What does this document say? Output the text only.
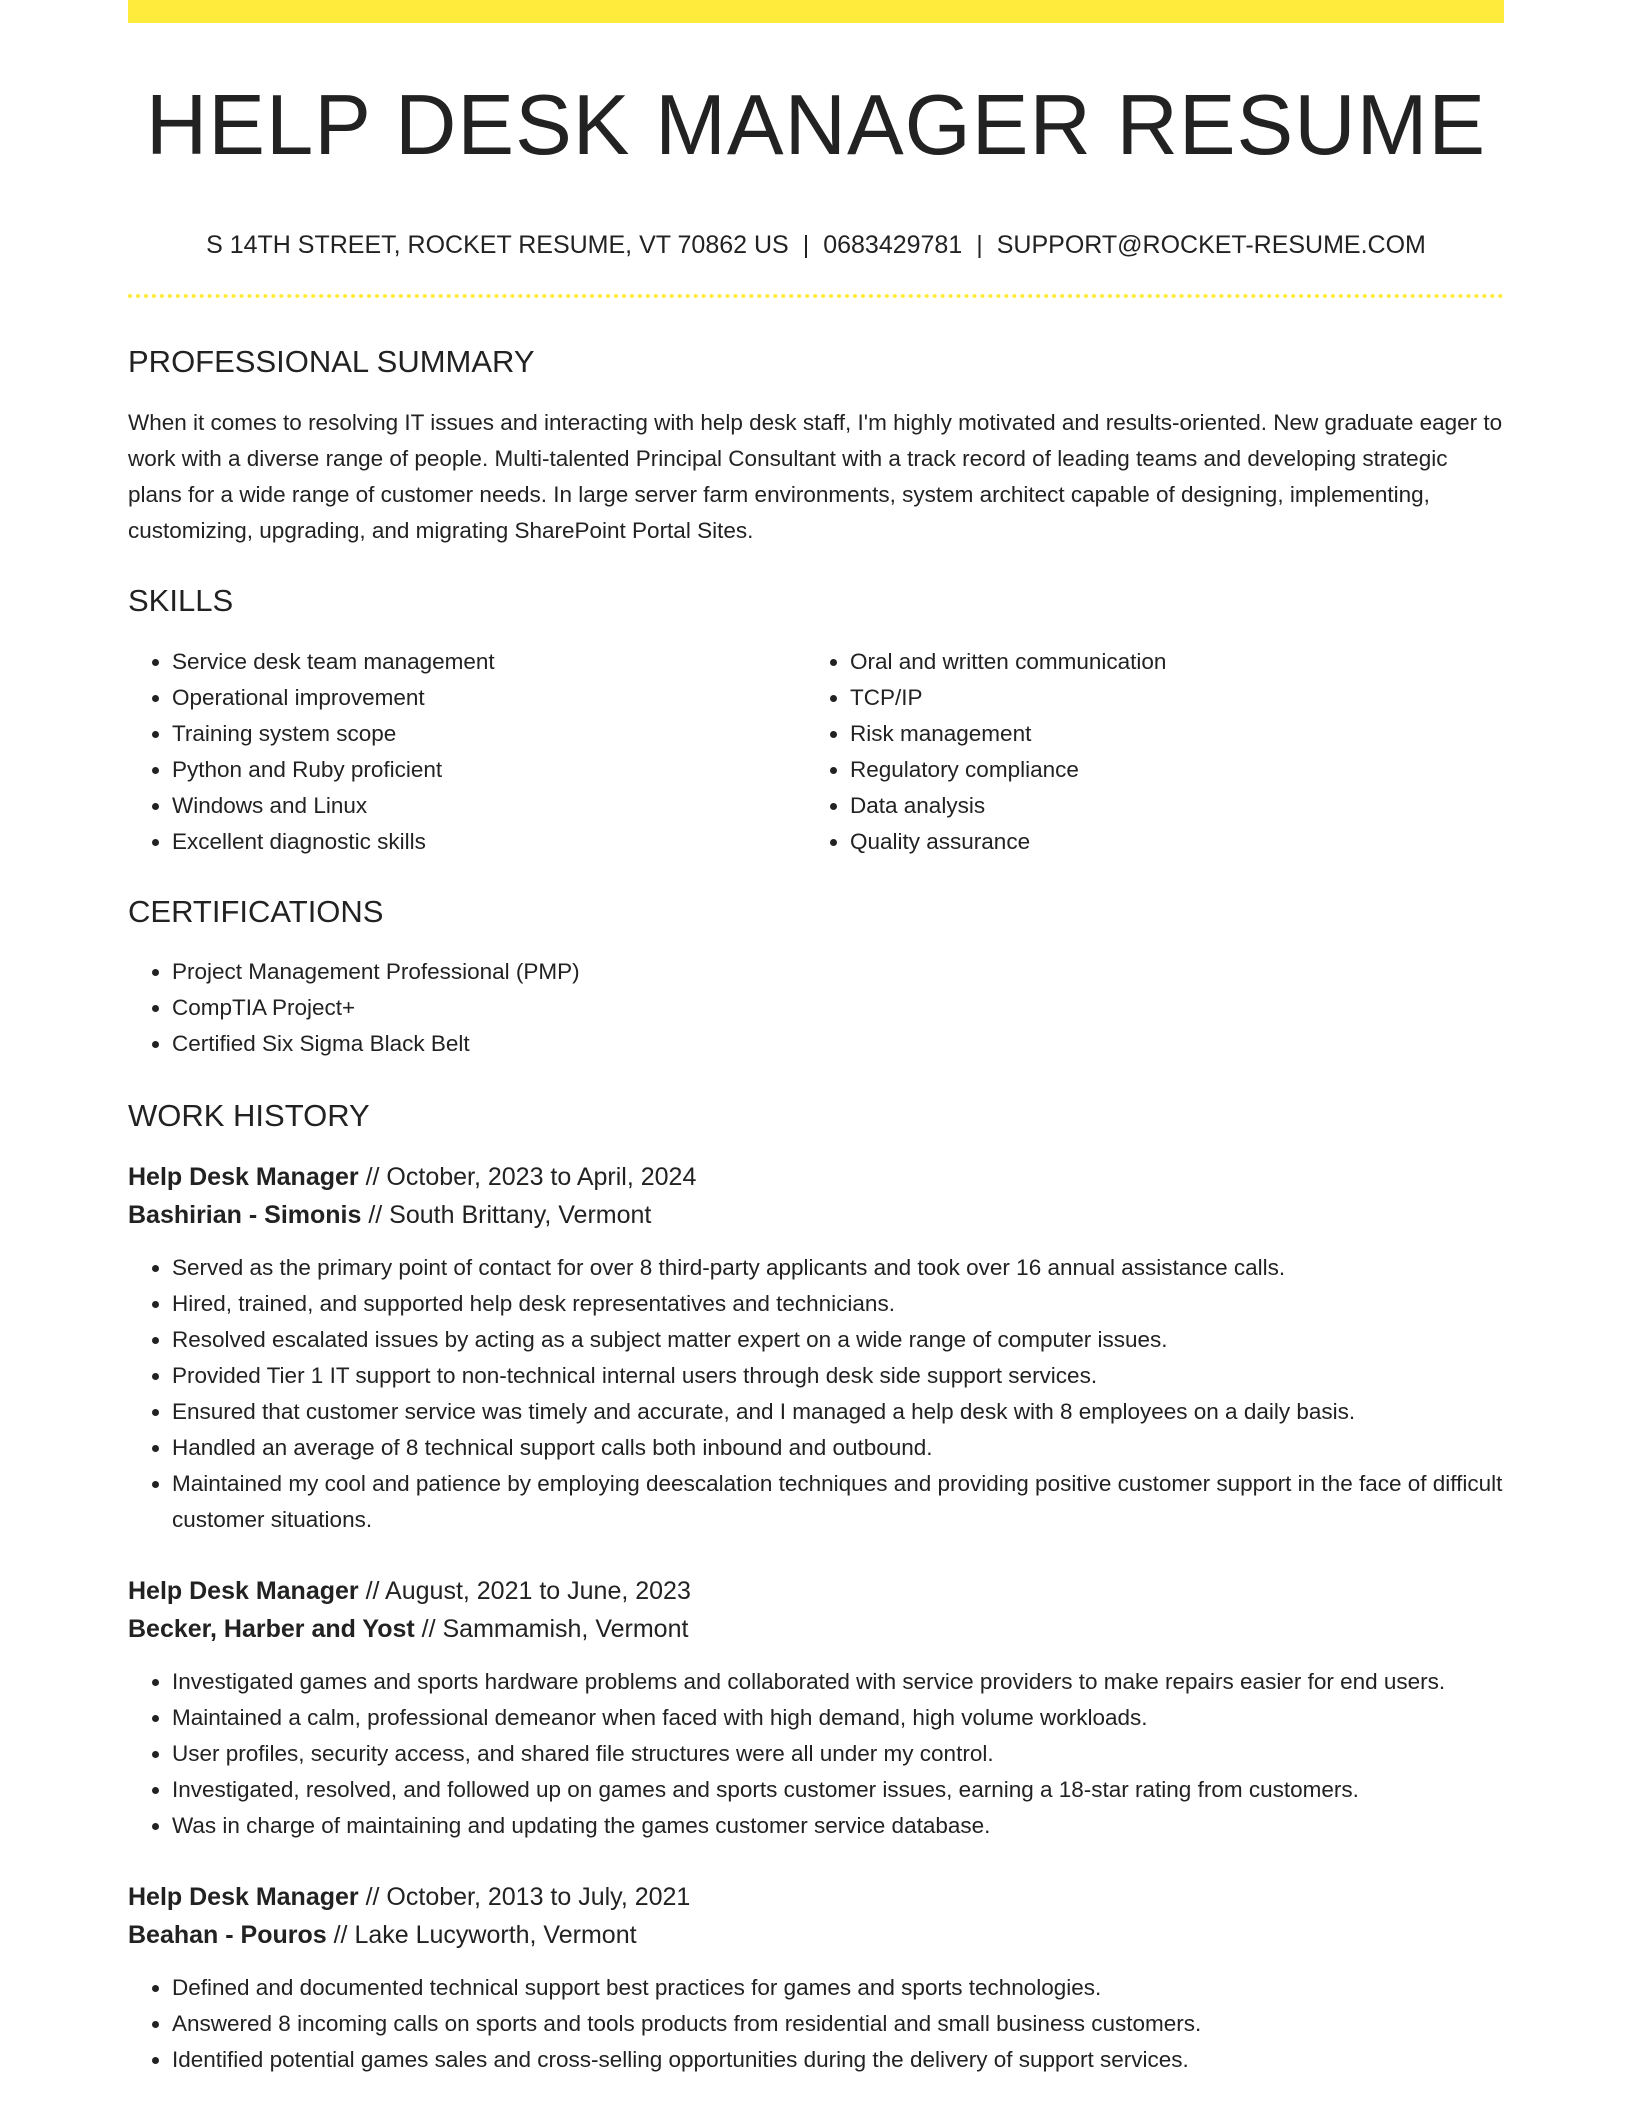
HELP DESK MANAGER RESUME
S 14TH STREET, ROCKET RESUME, VT 70862 US | 0683429781 | SUPPORT@ROCKET-RESUME.COM
PROFESSIONAL SUMMARY

When it comes to resolving IT issues and interacting with help desk staff, I'm highly motivated and results-oriented. New graduate eager to work with a diverse range of people. Multi-talented Principal Consultant with a track record of leading teams and developing strategic plans for a wide range of customer needs. In large server farm environments, system architect capable of designing, implementing, customizing, upgrading, and migrating SharePoint Portal Sites.

SKILLS
• Service desk team management
• Operational improvement
• Training system scope
• Python and Ruby proficient
• Windows and Linux
• Excellent diagnostic skills
• Oral and written communication
• TCP/IP
• Risk management
• Regulatory compliance
• Data analysis
• Quality assurance
CERTIFICATIONS
• Project Management Professional (PMP)
• CompTIA Project+
• Certified Six Sigma Black Belt
WORK HISTORY
Help Desk Manager // October, 2023 to April, 2024
Bashirian - Simonis // South Brittany, Vermont
• Served as the primary point of contact for over 8 third-party applicants and took over 16 annual assistance calls.
• Hired, trained, and supported help desk representatives and technicians.
• Resolved escalated issues by acting as a subject matter expert on a wide range of computer issues.
• Provided Tier 1 IT support to non-technical internal users through desk side support services.
• Ensured that customer service was timely and accurate, and I managed a help desk with 8 employees on a daily basis.
• Handled an average of 8 technical support calls both inbound and outbound.
• Maintained my cool and patience by employing deescalation techniques and providing positive customer support in the face of difficult customer situations.
Help Desk Manager // August, 2021 to June, 2023
Becker, Harber and Yost // Sammamish, Vermont
• Investigated games and sports hardware problems and collaborated with service providers to make repairs easier for end users.
• Maintained a calm, professional demeanor when faced with high demand, high volume workloads.
• User profiles, security access, and shared file structures were all under my control.
• Investigated, resolved, and followed up on games and sports customer issues, earning a 18-star rating from customers.
• Was in charge of maintaining and updating the games customer service database.
Help Desk Manager // October, 2013 to July, 2021
Beahan - Pouros // Lake Lucyworth, Vermont
• Defined and documented technical support best practices for games and sports technologies.
• Answered 8 incoming calls on sports and tools products from residential and small business customers.
• Identified potential games sales and cross-selling opportunities during the delivery of support services.
